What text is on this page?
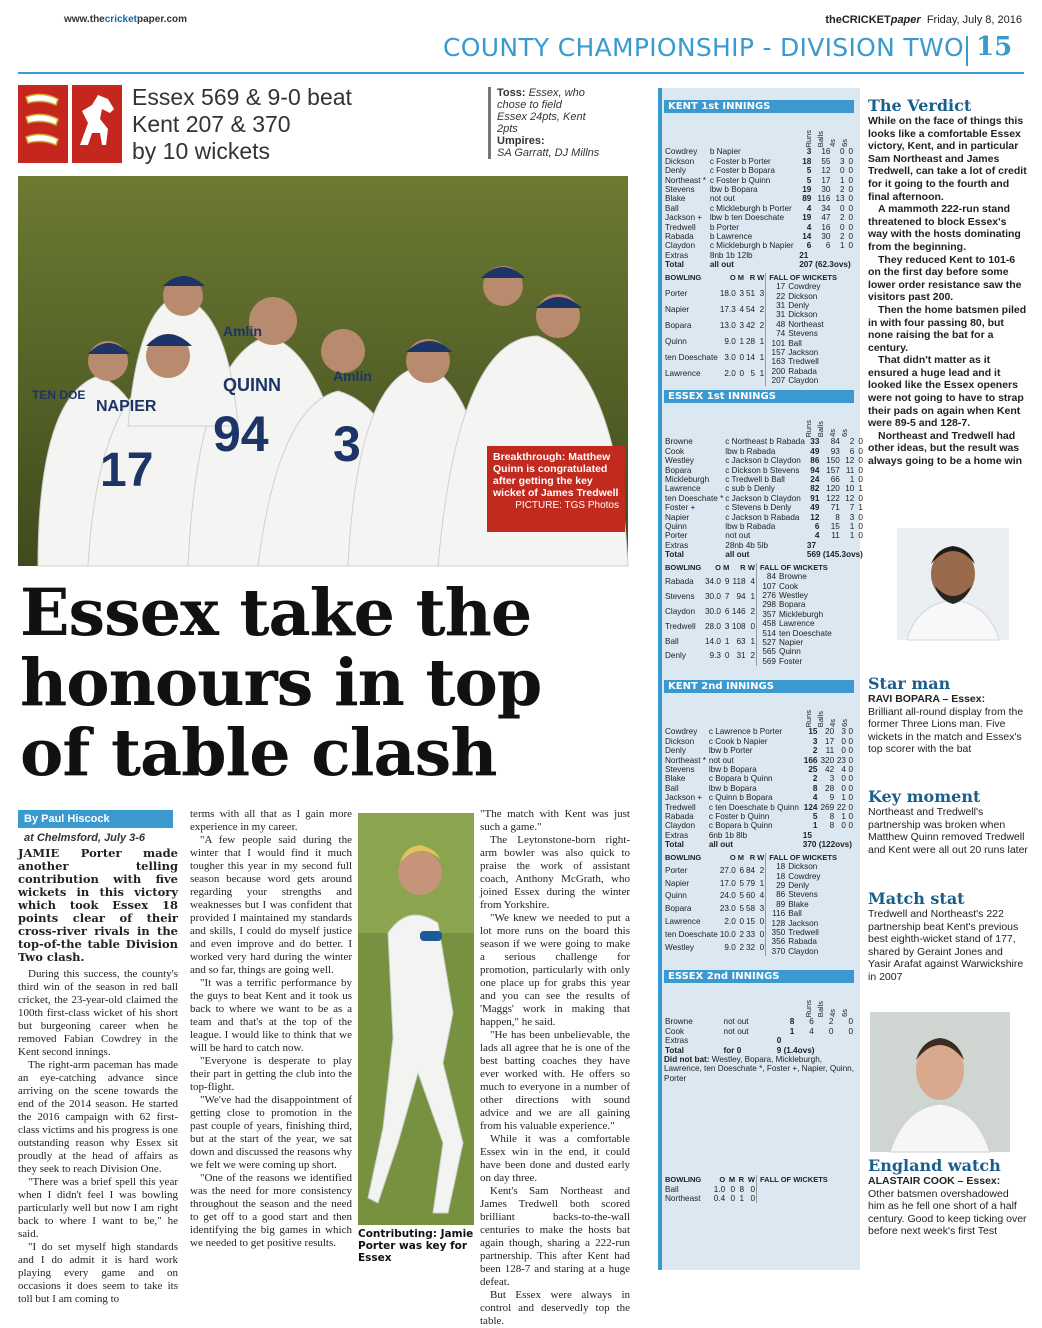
www.thecricketpaper.com	theCRICKETpaper Friday, July 8, 2016
COUNTY CHAMPIONSHIP - DIVISION TWO 15
Essex 569 & 9-0 beat
Kent 207 & 370
by 10 wickets
Toss: Essex, who chose to field
Essex 24pts, Kent 2pts
Umpires:
SA Garratt, DJ Millns
94
17	3
QUINN
NAPIER
TEN DOE
Amlin
Amlin
Breakthrough: Matthew Quinn is congratulated after getting the key wicket of James Tredwell
PICTURE: TGS Photos
Essex take the honours in top of table clash
By Paul Hiscock
at Chelmsford, July 3-6

JAMIE Porter made another telling contribution with five wickets in this victory which took Essex 18 points clear of their cross-river rivals in the top-of-the table Division Two clash.

During this success, the county's third win of the season in red ball cricket, the 23-year-old claimed the 100th first-class wicket of his short but burgeoning career when he removed Fabian Cowdrey in the Kent second innings.

The right-arm paceman has made an eye-catching advance since arriving on the scene towards the end of the 2014 season. He started the 2016 campaign with 62 first-class victims and his progress is one outstanding reason why Essex sit proudly at the head of affairs as they seek to reach Division One.

"There was a brief spell this year when I didn't feel I was bowling particularly well but now I am right back to where I want to be," he said.

"I do set myself high standards and I do admit it is hard work playing every game and on occasions it does seem to take its toll but I am coming to

terms with all that as I gain more experience in my career.

"A few people said during the winter that I would find it much tougher this year in my second full season because word gets around regarding your strengths and weaknesses but I was confident that provided I maintained my standards and skills, I could do myself justice and even improve and do better. I worked very hard during the winter and so far, things are going well.

"It was a terrific performance by the guys to beat Kent and it took us back to where we want to be as a team and that's at the top of the league. I would like to think that we will be hard to catch now.

"Everyone is desperate to play their part in getting the club into the top-flight.

"We've had the disappointment of getting close to promotion in the past couple of years, finishing third, but at the start of the year, we sat down and discussed the reasons why we felt we were coming up short.

"One of the reasons we identified was the need for more consistency throughout the season and the need to get off to a good start and then identifying the big games in which we needed to get positive results.

Contributing: Jamie Porter was key for Essex

"The match with Kent was just such a game."

The Leytonstone-born right-arm bowler was also quick to praise the work of assistant coach, Anthony McGrath, who joined Essex during the winter from Yorkshire.

"We knew we needed to put a lot more runs on the board this season if we were going to make a serious challenge for promotion, particularly with only one place up for grabs this year and you can see the results of 'Maggs' work in making that happen," he said.

"He has been unbelievable, the lads all agree that he is one of the best batting coaches they have ever worked with. He offers so much to everyone in a number of other directions with sound advice and we are all gaining from his valuable experience."

While it was a comfortable Essex win in the end, it could have been done and dusted early on day three.

Kent's Sam Northeast and James Tredwell both scored brilliant backs-to-the-wall centuries to make the hosts bat again though, sharing a 222-run partnership. This after Kent had been 128-7 and staring at a huge defeat.

But Essex were always in control and deservedly top the table.

KENT 1st INNINGS
Runs Balls 4s 6s
Cowdrey	b Napier	3	16	0	0
Dickson	c Foster b Porter	18	55	3	0
Denly	c Foster b Bopara	5	12	0	0
Northeast *	c Foster b Quinn	5	17	1	0
Stevens	lbw b Bopara	19	30	2	0
Blake	not out	89	116	13	0
Ball	c Mickleburgh b Porter	4	34	0	0
Jackson +	lbw b ten Doeschate	19	47	2	0
Tredwell	b Porter	4	16	0	0
Rabada	b Lawrence	14	30	2	0
Claydon	c Mickleburgh b Napier	6	6	1	0
Extras	8nb 1b 12lb	21			
Total	all out	207 (62.3ovs)			
BOWLING	O	M	R	W
Porter	18.0	3	51	3
Napier	17.3	4	54	2
Bopara	13.0	3	42	2
Quinn	9.0	1	28	1
ten Doeschate	3.0	0	14	1
Lawrence	2.0	0	5	1
FALL OF WICKETS
17 Cowdrey
22 Dickson
31 Denly
31 Dickson
48 Northeast
74 Stevens
101 Ball
157 Jackson
163 Tredwell
200 Rabada
207 Claydon
ESSEX 1st INNINGS
Runs Balls 4s 6s
Browne	c Northeast b Rabada	33	84	2	0
Cook	lbw b Rabada	49	93	6	0
Westley	c Jackson b Claydon	86	150	12	0
Bopara	c Dickson b Stevens	94	157	11	0
Mickleburgh	c Tredwell b Ball	24	66	1	0
Lawrence	c sub b Denly	82	120	10	1
ten Doeschate *	c Jackson b Claydon	91	122	12	0
Foster +	c Stevens b Denly	49	71	7	1
Napier	c Jackson b Rabada	12	8	3	0
Quinn	lbw b Rabada	6	15	1	0
Porter	not out	4	11	1	0
Extras	28nb 4b 5lb	37			
Total	all out	569 (145.3ovs)			
BOWLING	O	M	R	W
Rabada	34.0	9	118	4
Stevens	30.0	7	94	1
Claydon	30.0	6	146	2
Tredwell	28.0	3	108	0
Ball	14.0	1	63	1
Denly	9.3	0	31	2
FALL OF WICKETS
84 Browne
107 Cook
276 Westley
298 Bopara
357 Mickleburgh
458 Lawrence
514 ten Doeschate
527 Napier
565 Quinn
569 Foster
KENT 2nd INNINGS
Runs Balls 4s 6s
Cowdrey	c Lawrence b Porter	15	20	3	0
Dickson	c Cook b Napier	3	17	0	0
Denly	lbw b Porter	2	11	0	0
Northeast *	not out	166	320	23	0
Stevens	lbw b Bopara	25	42	4	0
Blake	c Bopara b Quinn	2	3	0	0
Ball	lbw b Bopara	8	28	0	0
Jackson +	c Quinn b Bopara	4	9	1	0
Tredwell	c ten Doeschate b Quinn	124	269	22	0
Rabada	c Foster b Quinn	5	8	1	0
Claydon	c Bopara b Quinn	1	8	0	0
Extras	6nb 1b 8lb	15			
Total	all out	370 (122ovs)			
BOWLING	O	M	R	W
Porter	27.0	6	84	2
Napier	17.0	5	79	1
Quinn	24.0	5	60	4
Bopara	23.0	5	58	3
Lawrence	2.0	0	15	0
ten Doeschate	10.0	2	33	0
Westley	9.0	2	32	0
FALL OF WICKETS
18 Dickson
18 Cowdrey
29 Denly
86 Stevens
89 Blake
116 Ball
128 Jackson
350 Tredwell
356 Rabada
370 Claydon
ESSEX 2nd INNINGS
Runs Balls 4s 6s
Browne	not out	8	6	2	0
Cook	not out	1	4	0	0
Extras		0			
Total	for 0	9 (1.4ovs)			
Did not bat: Westley, Bopara, Mickleburgh, Lawrence, ten Doeschate *, Foster +, Napier, Quinn, Porter
BOWLING	O	M	R	W
Ball	1.0	0	8	0
Northeast	0.4	0	1	0
FALL OF WICKETS
The Verdict

While on the face of things this looks like a comfortable Essex victory, Kent, and in particular Sam Northeast and James Tredwell, can take a lot of credit for it going to the fourth and final afternoon.

A mammoth 222-run stand threatened to block Essex's way with the hosts dominating from the beginning.

They reduced Kent to 101-6 on the first day before some lower order resistance saw the visitors past 200.

Then the home batsmen piled in with four passing 80, but none raising the bat for a century.

That didn't matter as it ensured a huge lead and it looked like the Essex openers were not going to have to strap their pads on again when Kent were 89-5 and 128-7.

Northeast and Tredwell had other ideas, but the result was always going to be a home win

Star man
RAVI BOPARA – Essex:
Brilliant all-round display from the former Three Lions man. Five wickets in the match and Essex's top scorer with the bat
Key moment
Northeast and Tredwell's partnership was broken when Matthew Quinn removed Tredwell and Kent were all out 20 runs later
Match stat
Tredwell and Northeast's 222 partnership beat Kent's previous best eighth-wicket stand of 177, shared by Geraint Jones and Yasir Arafat against Warwickshire in 2007
England watch
ALASTAIR COOK – Essex:
Other batsmen overshadowed him as he fell one short of a half century. Good to keep ticking over before next week's first Test
